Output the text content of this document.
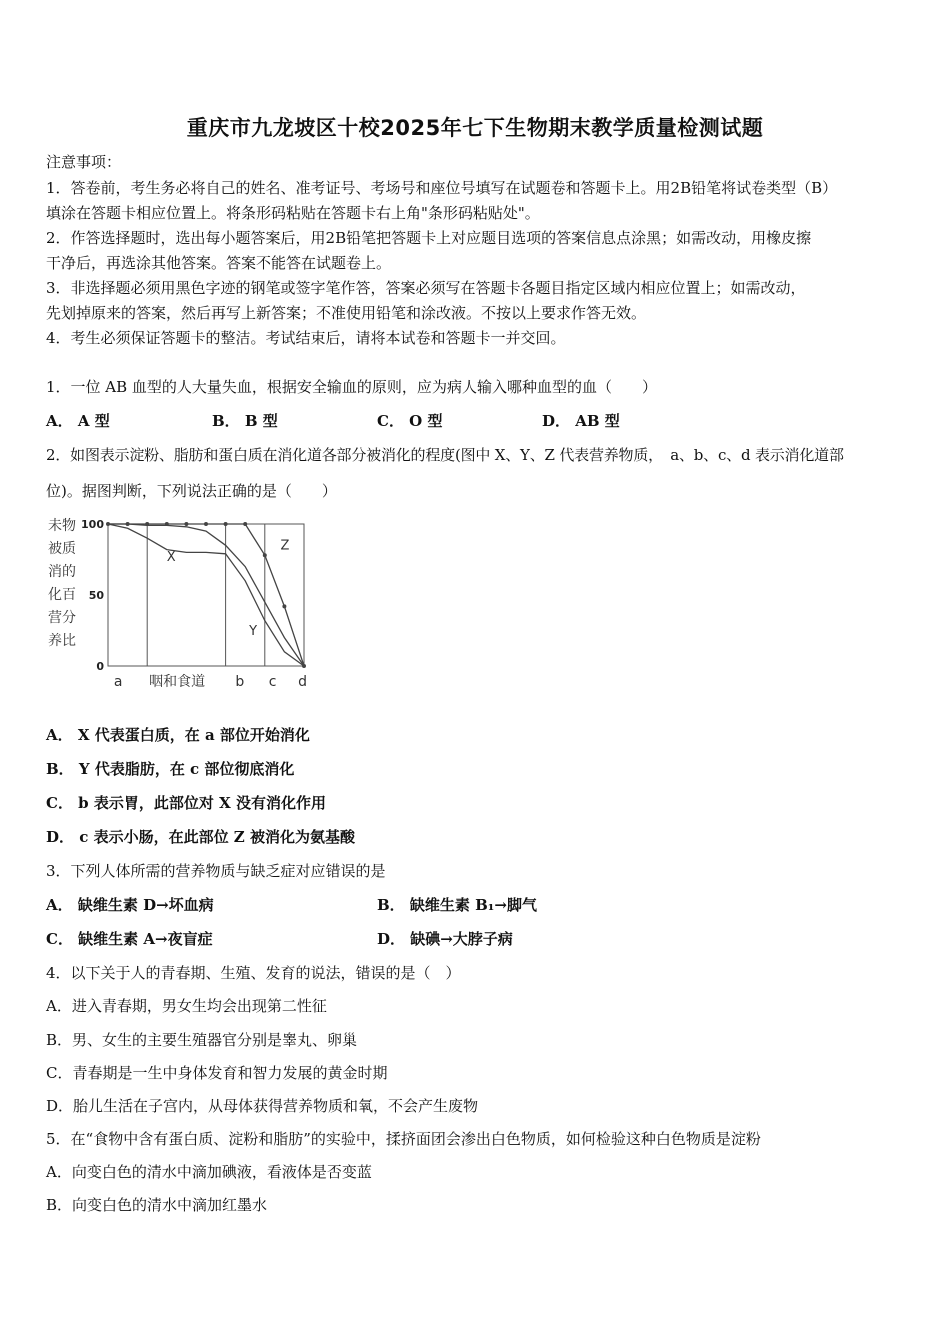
重庆市九龙坡区十校2025年七下生物期末教学质量检测试题
注意事项：
1．答卷前，考生务必将自己的姓名、准考证号、考场号和座位号填写在试题卷和答题卡上。用2B铅笔将试卷类型（B）
填涂在答题卡相应位置上。将条形码粘贴在答题卡右上角"条形码粘贴处"。
2．作答选择题时，选出每小题答案后，用2B铅笔把答题卡上对应题目选项的答案信息点涂黑；如需改动，用橡皮擦
干净后，再选涂其他答案。答案不能答在试题卷上。
3．非选择题必须用黑色字迹的钢笔或签字笔作答，答案必须写在答题卡各题目指定区域内相应位置上；如需改动，
先划掉原来的答案，然后再写上新答案；不准使用铅笔和涂改液。不按以上要求作答无效。
4．考生必须保证答题卡的整洁。考试结束后，请将本试卷和答题卡一并交回。
1．一位 AB 血型的人大量失血，根据安全输血的原则，应为病人输入哪种血型的血（　　）
A． A 型	B． B 型	C． O 型	D． AB 型
2．如图表示淀粉、脂肪和蛋白质在消化道各部分被消化的程度(图中 X、Y、Z 代表营养物质，　a、b、c、d 表示消化道部
位)。据图判断，下列说法正确的是（　　）
未物
被质
消的
化百
营分
养比
100
50
0
X
Y
Z
a 咽和食道 b c d
A． X 代表蛋白质，在 a 部位开始消化
B． Y 代表脂肪，在 c 部位彻底消化
C． b 表示胃，此部位对 X 没有消化作用
D． c 表示小肠，在此部位 Z 被消化为氨基酸
3．下列人体所需的营养物质与缺乏症对应错误的是
A． 缺维生素 D→坏血病	B． 缺维生素 B₁→脚气
C． 缺维生素 A→夜盲症	D． 缺碘→大脖子病
4．以下关于人的青春期、生殖、发育的说法，错误的是（　）
A．进入青春期，男女生均会出现第二性征
B．男、女生的主要生殖器官分别是睾丸、卵巢
C．青春期是一生中身体发育和智力发展的黄金时期
D．胎儿生活在子宫内，从母体获得营养物质和氧，不会产生废物
5．在“食物中含有蛋白质、淀粉和脂肪”的实验中，揉挤面团会渗出白色物质，如何检验这种白色物质是淀粉
A．向变白色的清水中滴加碘液，看液体是否变蓝
B．向变白色的清水中滴加红墨水
